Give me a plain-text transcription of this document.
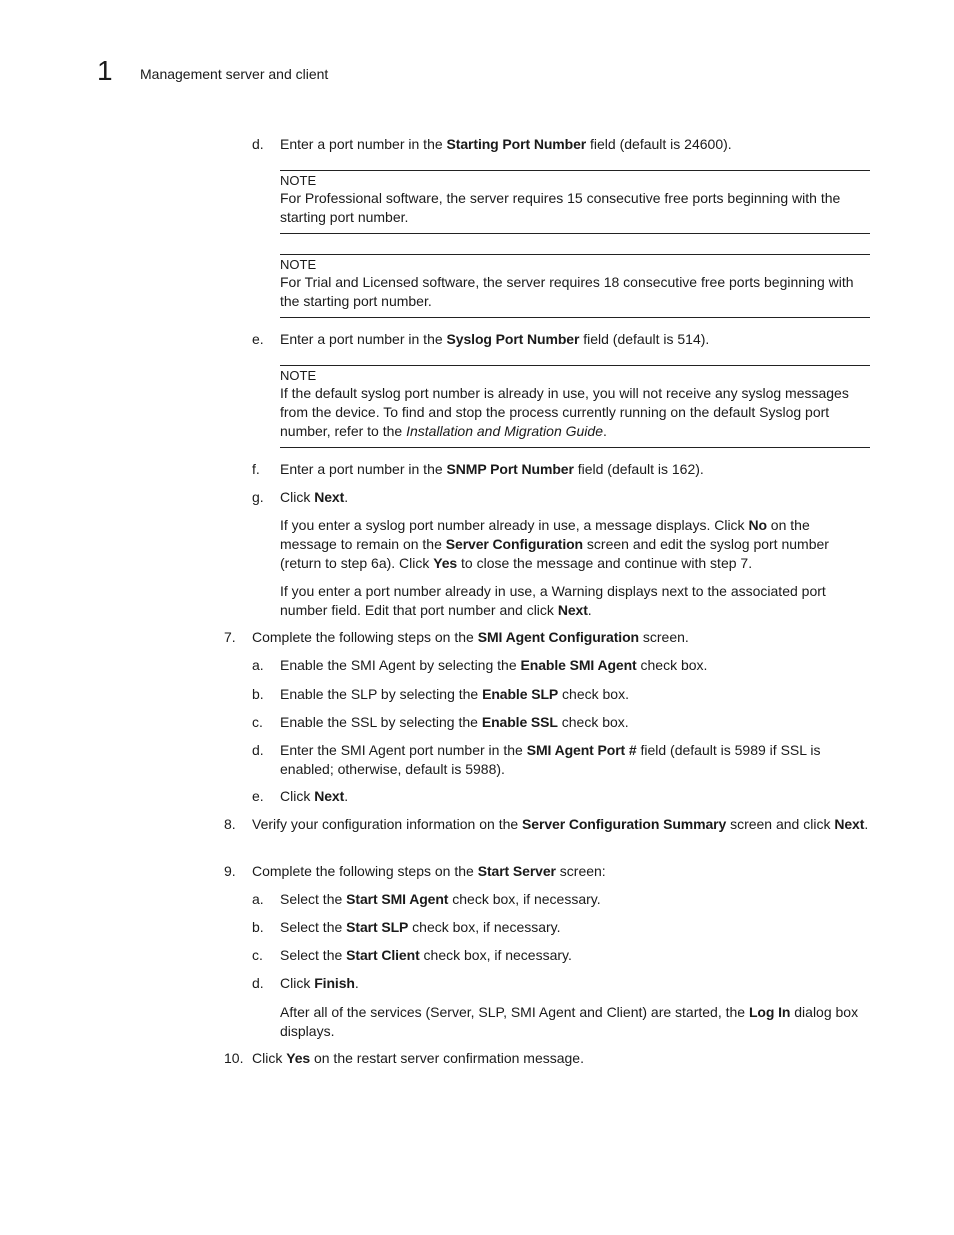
1 Management server and client
d. Enter a port number in the Starting Port Number field (default is 24600).
NOTE
For Professional software, the server requires 15 consecutive free ports beginning with the starting port number.
NOTE
For Trial and Licensed software, the server requires 18 consecutive free ports beginning with the starting port number.
e. Enter a port number in the Syslog Port Number field (default is 514).
NOTE
If the default syslog port number is already in use, you will not receive any syslog messages from the device. To find and stop the process currently running on the default Syslog port number, refer to the Installation and Migration Guide.
f. Enter a port number in the SNMP Port Number field (default is 162).
g. Click Next.
If you enter a syslog port number already in use, a message displays. Click No on the message to remain on the Server Configuration screen and edit the syslog port number (return to step 6a). Click Yes to close the message and continue with step 7.
If you enter a port number already in use, a Warning displays next to the associated port number field. Edit that port number and click Next.
7. Complete the following steps on the SMI Agent Configuration screen.
a. Enable the SMI Agent by selecting the Enable SMI Agent check box.
b. Enable the SLP by selecting the Enable SLP check box.
c. Enable the SSL by selecting the Enable SSL check box.
d. Enter the SMI Agent port number in the SMI Agent Port # field (default is 5989 if SSL is enabled; otherwise, default is 5988).
e. Click Next.
8. Verify your configuration information on the Server Configuration Summary screen and click Next.
9. Complete the following steps on the Start Server screen:
a. Select the Start SMI Agent check box, if necessary.
b. Select the Start SLP check box, if necessary.
c. Select the Start Client check box, if necessary.
d. Click Finish.
After all of the services (Server, SLP, SMI Agent and Client) are started, the Log In dialog box displays.
10. Click Yes on the restart server confirmation message.
